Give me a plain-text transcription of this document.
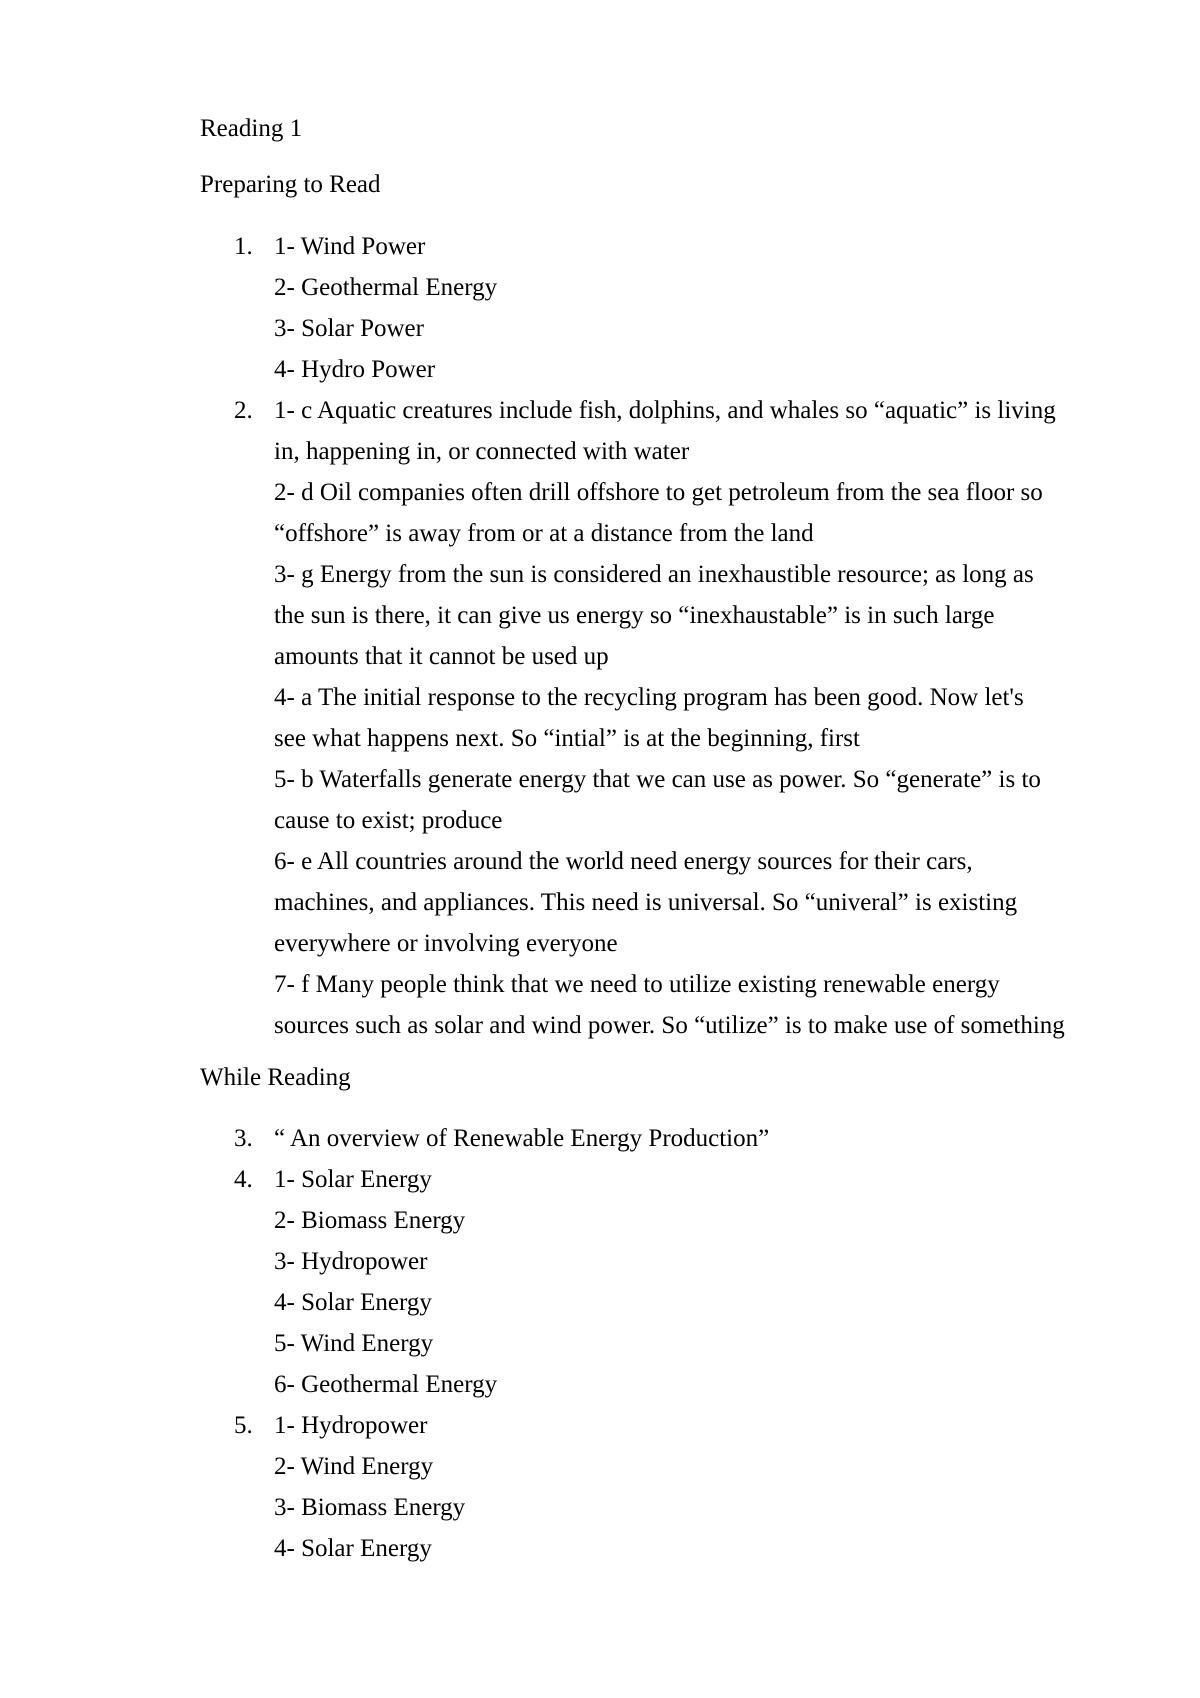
Reading 1
Preparing to Read
1. 1- Wind Power
2- Geothermal Energy
3- Solar Power
4- Hydro Power
2. 1- c Aquatic creatures include fish, dolphins, and whales so “aquatic” is living
in, happening in, or connected with water
2- d Oil companies often drill offshore to get petroleum from the sea floor so
“offshore” is away from or at a distance from the land
3- g Energy from the sun is considered an inexhaustible resource; as long as
the sun is there, it can give us energy so “inexhaustable” is in such large
amounts that it cannot be used up
4- a The initial response to the recycling program has been good. Now let's
see what happens next. So “intial” is at the beginning, first
5- b Waterfalls generate energy that we can use as power. So “generate” is to
cause to exist; produce
6- e All countries around the world need energy sources for their cars,
machines, and appliances. This need is universal. So “univeral” is existing
everywhere or involving everyone
7- f Many people think that we need to utilize existing renewable energy
sources such as solar and wind power. So “utilize” is to make use of something
While Reading
3. “ An overview of Renewable Energy Production”
4. 1- Solar Energy
2- Biomass Energy
3- Hydropower
4- Solar Energy
5- Wind Energy
6- Geothermal Energy
5. 1- Hydropower
2- Wind Energy
3- Biomass Energy
4- Solar Energy
